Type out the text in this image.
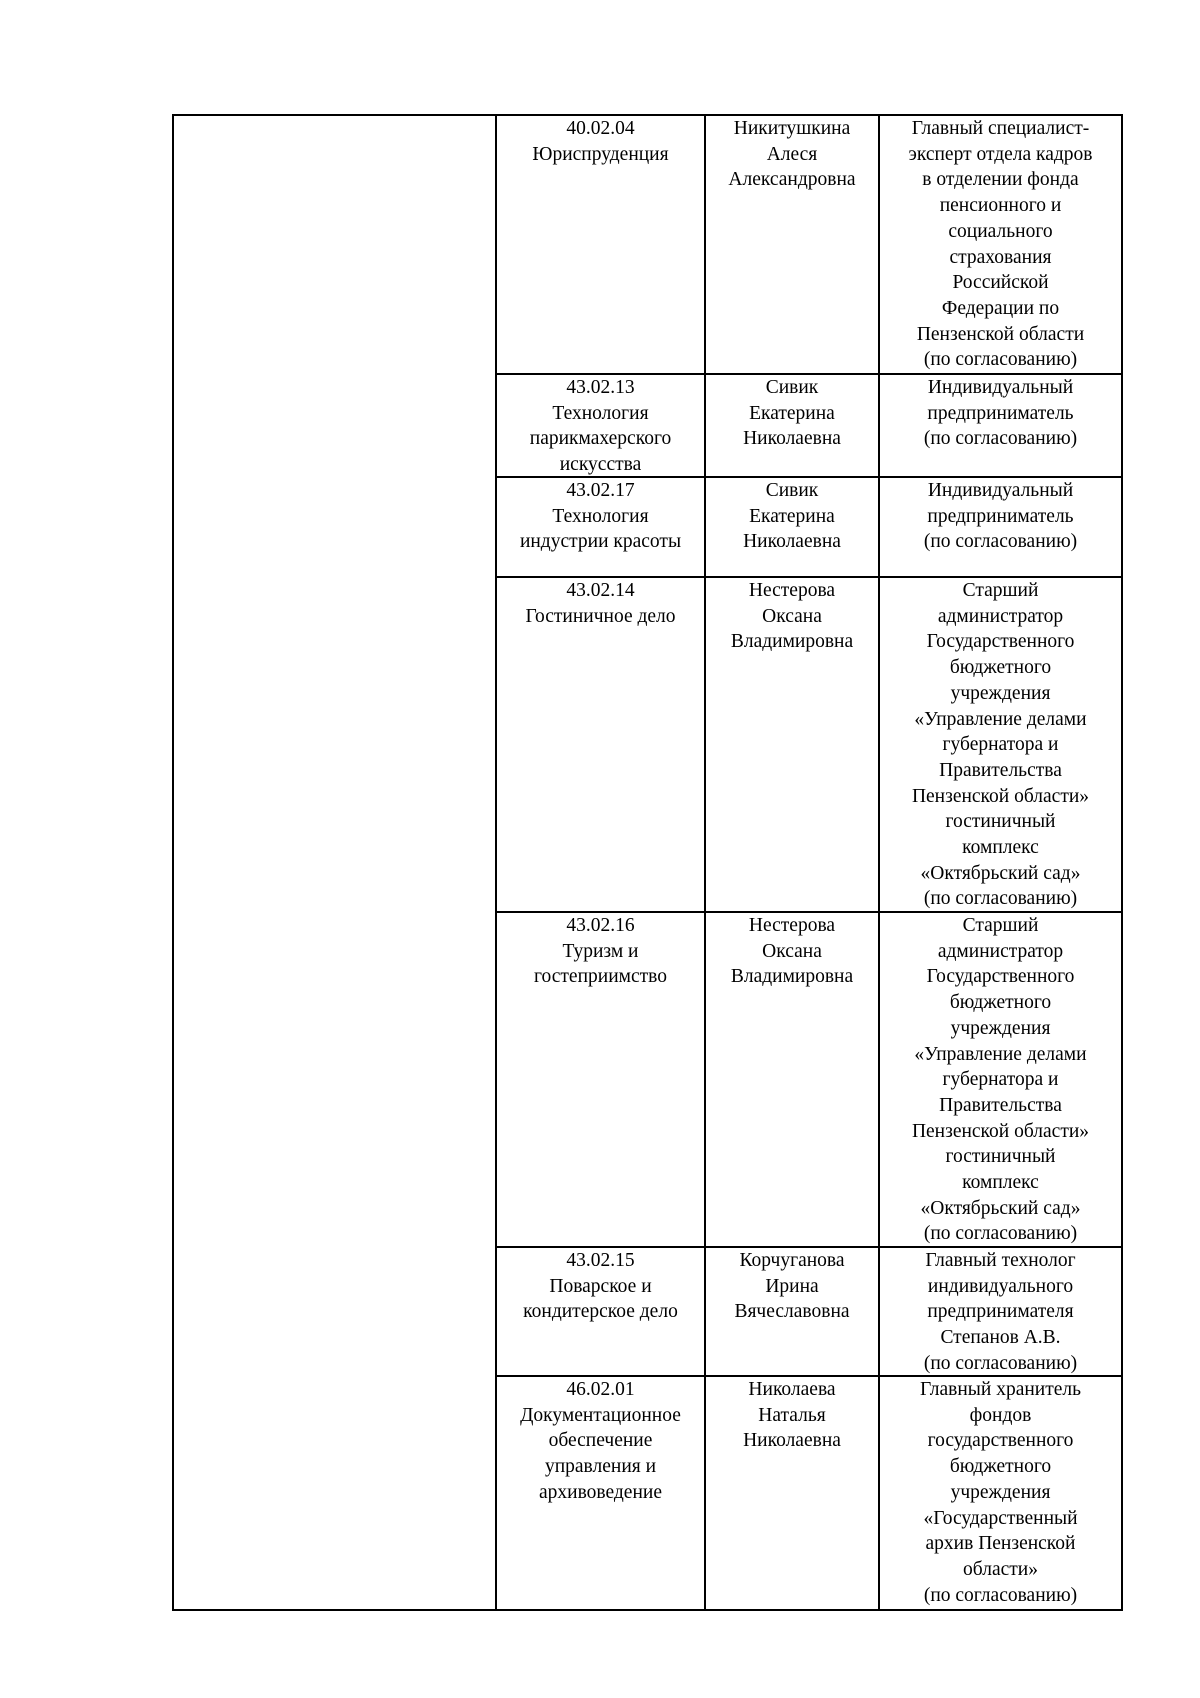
40.02.04
Юриспруденция
Никитушкина
Алеся
Александровна
Главный специалист-
эксперт отдела кадров
в отделении фонда
пенсионного и
социального
страхования
Российской
Федерации по
Пензенской области
(по согласованию)
43.02.13
Технология
парикмахерского
искусства
Сивик
Екатерина
Николаевна
Индивидуальный
предприниматель
(по согласованию)
43.02.17
Технология
индустрии красоты
Сивик
Екатерина
Николаевна
Индивидуальный
предприниматель
(по согласованию)
43.02.14
Гостиничное дело
Нестерова
Оксана
Владимировна
Старший
администратор
Государственного
бюджетного
учреждения
«Управление делами
губернатора и
Правительства
Пензенской области»
гостиничный
комплекс
«Октябрьский сад»
(по согласованию)
43.02.16
Туризм и
гостеприимство
Нестерова
Оксана
Владимировна
Старший
администратор
Государственного
бюджетного
учреждения
«Управление делами
губернатора и
Правительства
Пензенской области»
гостиничный
комплекс
«Октябрьский сад»
(по согласованию)
43.02.15
Поварское и
кондитерское дело
Корчуганова
Ирина
Вячеславовна
Главный технолог
индивидуального
предпринимателя
Степанов А.В.
(по согласованию)
46.02.01
Документационное
обеспечение
управления и
архивоведение
Николаева
Наталья
Николаевна
Главный хранитель
фондов
государственного
бюджетного
учреждения
«Государственный
архив Пензенской
области»
(по согласованию)
